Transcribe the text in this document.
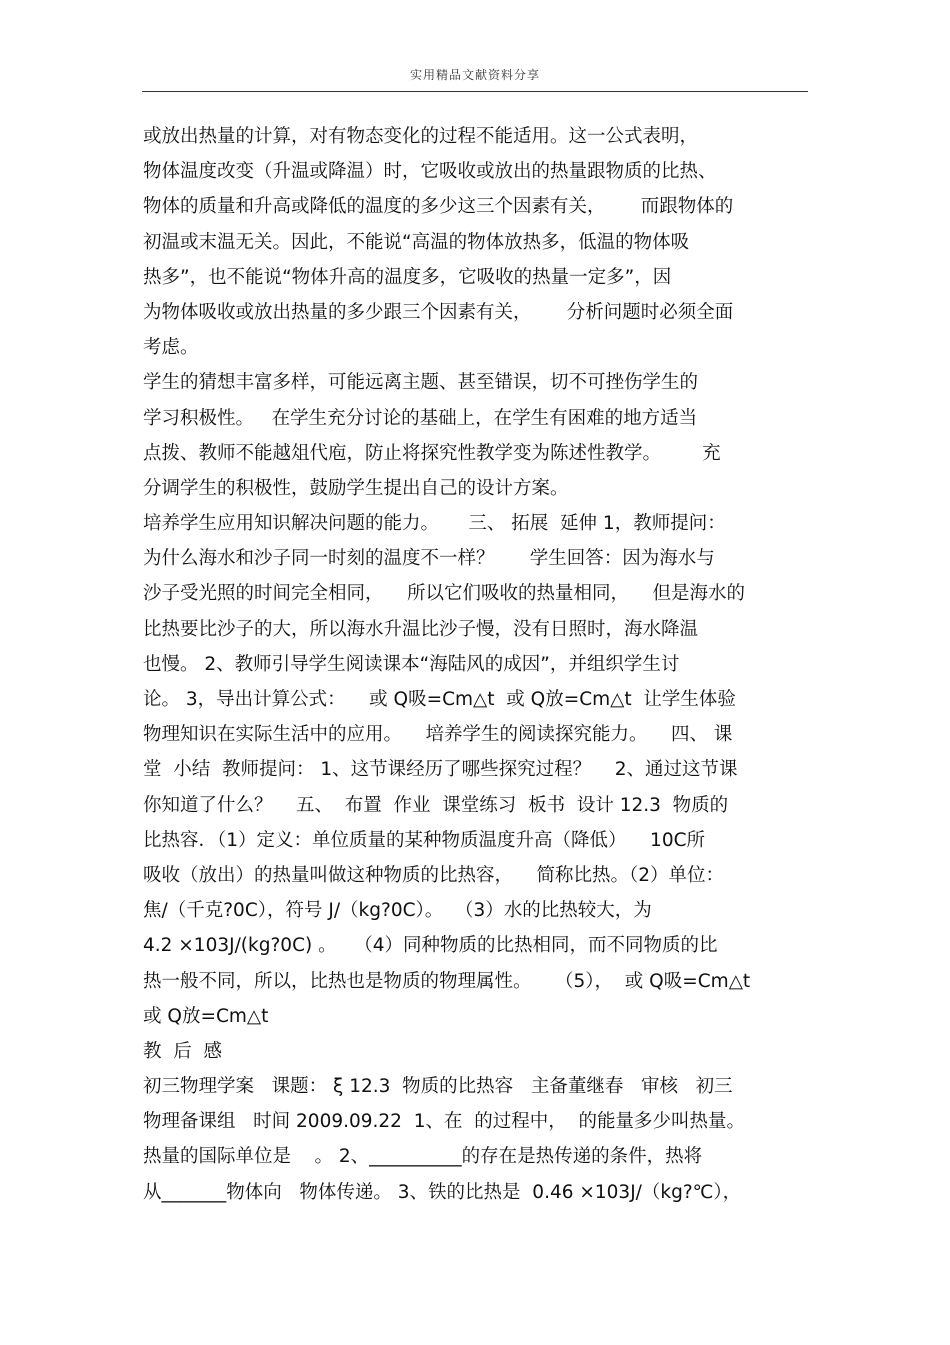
实用精品文献资料分享
或放出热量的计算，对有物态变化的过程不能适用。这一公式表明，
物体温度改变（升温或降温）时，它吸收或放出的热量跟物质的比热、
物体的质量和升高或降低的温度的多少这三个因素有关，      而跟物体的
初温或末温无关。因此，不能说“高温的物体放热多，低温的物体吸
热多”，也不能说“物体升高的温度多，它吸收的热量一定多”，因
为物体吸收或放出热量的多少跟三个因素有关，      分析问题时必须全面
考虑。
学生的猜想丰富多样，可能远离主题、甚至错误，切不可挫伤学生的
学习积极性。   在学生充分讨论的基础上，在学生有困难的地方适当
点拨、教师不能越俎代庖，防止将探究性教学变为陈述性教学。       充
分调学生的积极性，鼓励学生提出自己的设计方案。
培养学生应用知识解决问题的能力。     三、 拓展  延伸 1，教师提问：
为什么海水和沙子同一时刻的温度不一样？      学生回答：因为海水与
沙子受光照的时间完全相同，    所以它们吸收的热量相同，    但是海水的
比热要比沙子的大，所以海水升温比沙子慢，没有日照时，海水降温
也慢。 2、教师引导学生阅读课本“海陆风的成因”，并组织学生讨
论。 3，导出计算公式：    或 Q吸=Cm△t  或 Q放=Cm△t  让学生体验
物理知识在实际生活中的应用。    培养学生的阅读探究能力。    四、 课
堂  小结  教师提问： 1、这节课经历了哪些探究过程？    2、通过这节课
你知道了什么？    五、  布置  作业  课堂练习  板书  设计 12.3  物质的
比热容．（1）定义：单位质量的某种物质温度升高（降低）    10C所
吸收（放出）的热量叫做这种物质的比热容，    简称比热。（2）单位：
焦/（千克?0C），符号 J/（kg?0C）。  （3）水的比热较大，为
4.2 ×103J/(kg?0C) 。   （4）同种物质的比热相同，而不同物质的比
热一般不同，所以，比热也是物质的物理属性。    （5），  或 Q吸=Cm△t
或 Q放=Cm△t
教  后  感
初三物理学案   课题： ξ 12.3  物质的比热容   主备董继春   审核   初三
物理备课组   时间 2009.09.22  1、在  的过程中，  的能量多少叫热量。
热量的国际单位是    。 2、__________的存在是热传递的条件，热将
从_______物体向   物体传递。 3、铁的比热是  0.46 ×103J/（kg?℃），
